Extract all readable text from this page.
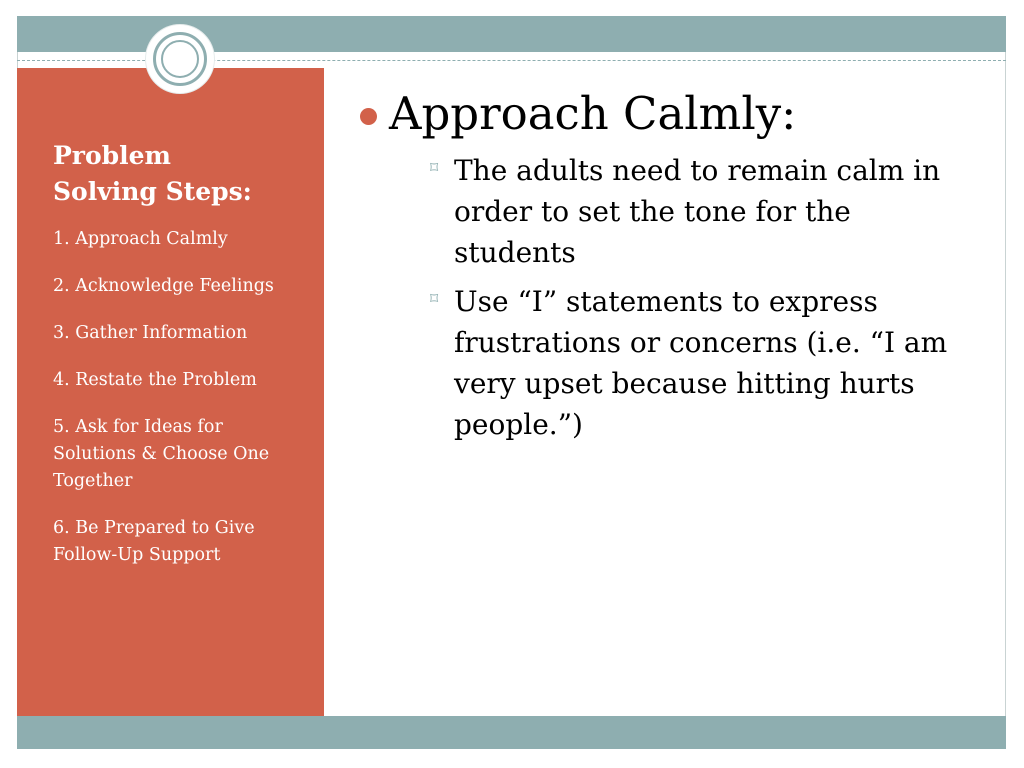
Problem
Solving Steps:
1. Approach Calmly
2. Acknowledge Feelings
3. Gather Information
4. Restate the Problem
5. Ask for Ideas for Solutions & Choose One Together
6. Be Prepared to Give Follow-Up Support
Approach Calmly:
⌑ The adults need to remain calm in order to set the tone for the students
⌑ Use “I” statements to express frustrations or concerns (i.e. “I am very upset because hitting hurts people.”)
